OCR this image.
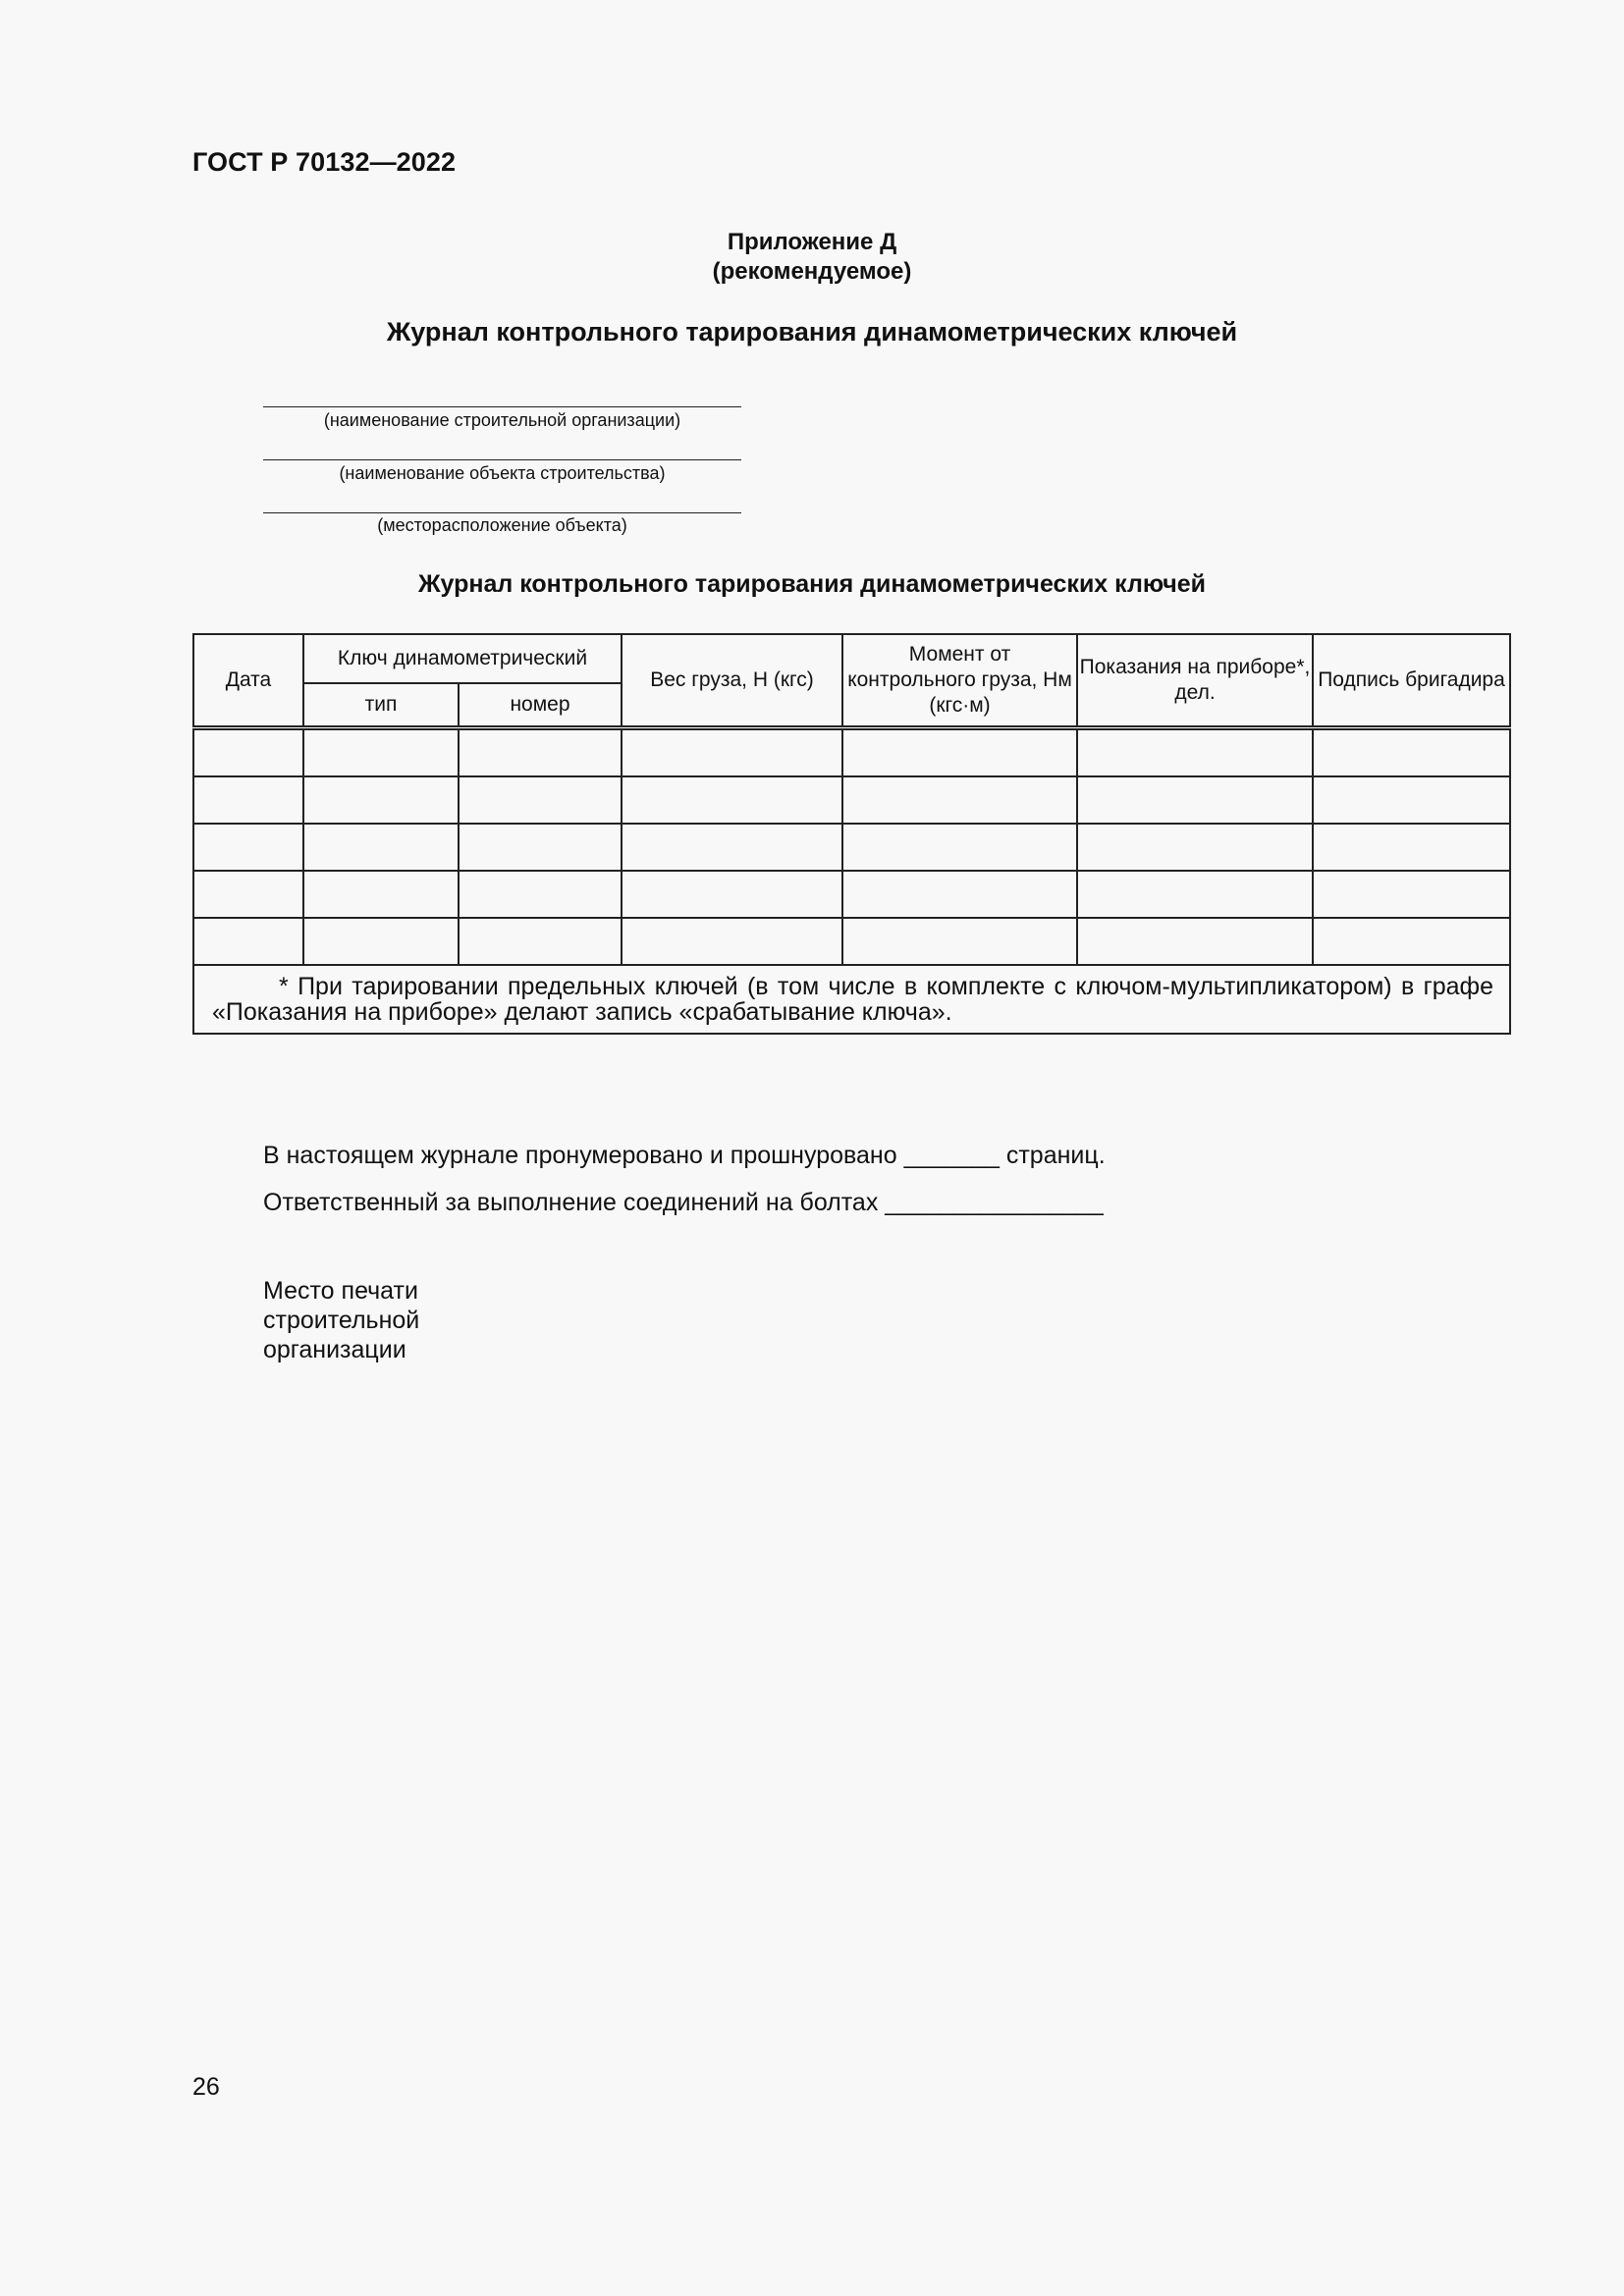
ГОСТ Р 70132—2022
Приложение Д
(рекомендуемое)
Журнал контрольного тарирования динамометрических ключей
(наименование строительной организации)
(наименование объекта строительства)
(месторасположение объекта)
Журнал контрольного тарирования динамометрических ключей
Дата	Ключ динамометрический		Вес груза, Н (кгс)	Момент от контрольного груза, Нм (кгс·м)	Показания на приборе*, дел.	Подпись бригадира
	тип	номер				

* При тарировании предельных ключей (в том числе в комплекте с ключом-мультипликатором) в графе «Показания на приборе» делают запись «срабатывание ключа».						
В настоящем журнале пронумеровано и прошнуровано _______ страниц.
Ответственный за выполнение соединений на болтах ________________
Место печати
строительной
организации
26
